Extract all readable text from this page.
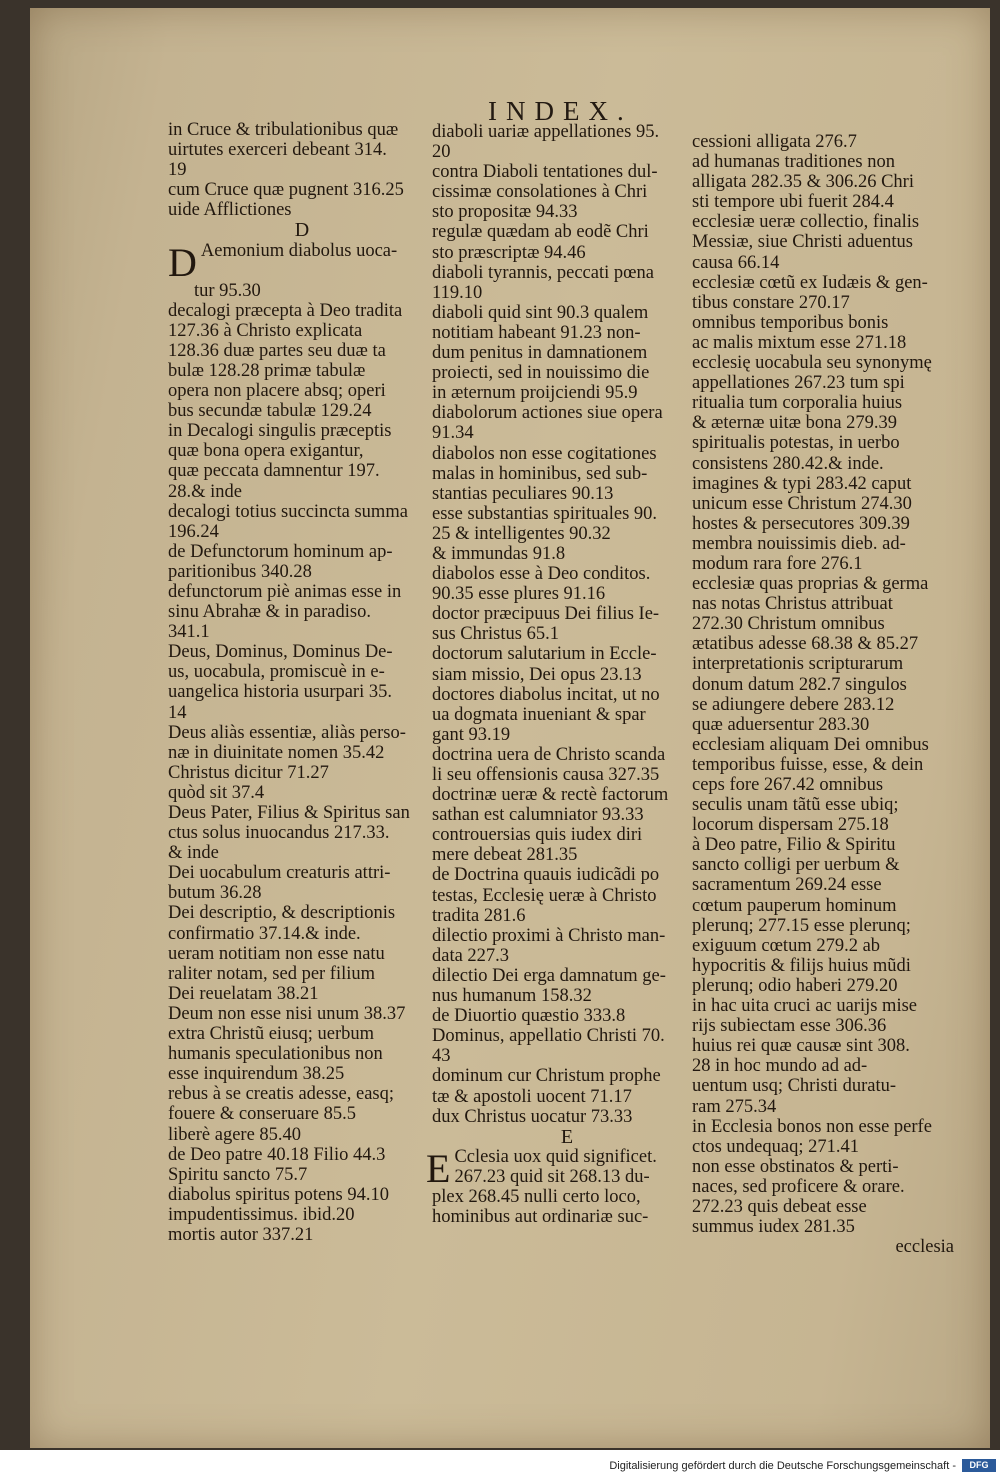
INDEX.
in Cruce & tribulationibus quæ
uirtutes exerceri debeant 314.
19
cum Cruce quæ pugnent 316.25
uide Afflictiones
D
D Aemonium diabolus uoca-
tur 95.30
decalogi præcepta à Deo tradita
127.36 à Christo explicata
128.36 duæ partes seu duæ ta
bulæ 128.28 primæ tabulæ
opera non placere absq; operi
bus secundæ tabulæ 129.24
in Decalogi singulis præceptis
quæ bona opera exigantur,
quæ peccata damnentur 197.
28.& inde
decalogi totius succincta summa
196.24
de Defunctorum hominum ap-
paritionibus 340.28
defunctorum piè animas esse in
sinu Abrahæ & in paradiso.
341.1
Deus, Dominus, Dominus De-
us, uocabula, promiscuè in e-
uangelica historia usurpari 35.
14
Deus aliàs essentiæ, aliàs perso-
næ in diuinitate nomen 35.42
Christus dicitur 71.27
quòd sit 37.4
Deus Pater, Filius & Spiritus san
ctus solus inuocandus 217.33.
& inde
Dei uocabulum creaturis attri-
butum 36.28
Dei descriptio, & descriptionis
confirmatio 37.14.& inde.
ueram notitiam non esse natu
raliter notam, sed per filium
Dei reuelatam 38.21
Deum non esse nisi unum 38.37
extra Christũ eiusq; uerbum
humanis speculationibus non
esse inquirendum 38.25
rebus à se creatis adesse, easq;
fouere & conseruare 85.5
liberè agere 85.40
de Deo patre 40.18 Filio 44.3
Spiritu sancto 75.7
diabolus spiritus potens 94.10
impudentissimus. ibid.20
mortis autor 337.21
diaboli uariæ appellationes 95.
20
contra Diaboli tentationes dul-
cissimæ consolationes à Chri
sto propositæ 94.33
regulæ quædam ab eodẽ Chri
sto præscriptæ 94.46
diaboli tyrannis, peccati pœna
119.10
diaboli quid sint 90.3 qualem
notitiam habeant 91.23 non-
dum penitus in damnationem
proiecti, sed in nouissimo die
in æternum proijciendi 95.9
diabolorum actiones siue opera
91.34
diabolos non esse cogitationes
malas in hominibus, sed sub-
stantias peculiares 90.13
esse substantias spirituales 90.
25 & intelligentes 90.32
& immundas 91.8
diabolos esse à Deo conditos.
90.35 esse plures 91.16
doctor præcipuus Dei filius Ie-
sus Christus 65.1
doctorum salutarium in Eccle-
siam missio, Dei opus 23.13
doctores diabolus incitat, ut no
ua dogmata inueniant & spar
gant 93.19
doctrina uera de Christo scanda
li seu offensionis causa 327.35
doctrinæ ueræ & rectè factorum
sathan est calumniator 93.33
controuersias quis iudex diri
mere debeat 281.35
de Doctrina quauis iudicãdi po
testas, Ecclesię ueræ à Christo
tradita 281.6
dilectio proximi à Christo man-
data 227.3
dilectio Dei erga damnatum ge-
nus humanum 158.32
de Diuortio quæstio 333.8
Dominus, appellatio Christi 70.
43
dominum cur Christum prophe
tæ & apostoli uocent 71.17
dux Christus uocatur 73.33
E
E Cclesia uox quid significet.
267.23 quid sit 268.13 du-
plex 268.45 nulli certo loco,
hominibus aut ordinariæ suc-
cessioni alligata 276.7
ad humanas traditiones non
alligata 282.35 & 306.26 Chri
sti tempore ubi fuerit 284.4
ecclesiæ ueræ collectio, finalis
Messiæ, siue Christi aduentus
causa 66.14
ecclesiæ cœtũ ex Iudæis & gen-
tibus constare 270.17
omnibus temporibus bonis
ac malis mixtum esse 271.18
ecclesię uocabula seu synonymę
appellationes 267.23 tum spi
ritualia tum corporalia huius
& æternæ uitæ bona 279.39
spiritualis potestas, in uerbo
consistens 280.42.& inde.
imagines & typi 283.42 caput
unicum esse Christum 274.30
hostes & persecutores 309.39
membra nouissimis dieb. ad-
modum rara fore 276.1
ecclesiæ quas proprias & germa
nas notas Christus attribuat
272.30 Christum omnibus
ætatibus adesse 68.38 & 85.27
interpretationis scripturarum
donum datum 282.7 singulos
se adiungere debere 283.12
quæ aduersentur 283.30
ecclesiam aliquam Dei omnibus
temporibus fuisse, esse, & dein
ceps fore 267.42 omnibus
seculis unam tãtũ esse ubiq;
locorum dispersam 275.18
à Deo patre, Filio & Spiritu
sancto colligi per uerbum &
sacramentum 269.24 esse
cœtum pauperum hominum
plerunq; 277.15 esse plerunq;
exiguum cœtum 279.2 ab
hypocritis & filijs huius mũdi
plerunq; odio haberi 279.20
in hac uita cruci ac uarijs mise
rijs subiectam esse 306.36
huius rei quæ causæ sint 308.
28 in hoc mundo ad ad-
uentum usq; Christi duratu-
ram 275.34
in Ecclesia bonos non esse perfe
ctos undequaq; 271.41
non esse obstinatos & perti-
naces, sed proficere & orare.
272.23 quis debeat esse
summus iudex 281.35
ecclesia
Digitalisierung gefördert durch die Deutsche Forschungsgemeinschaft -	DFG
